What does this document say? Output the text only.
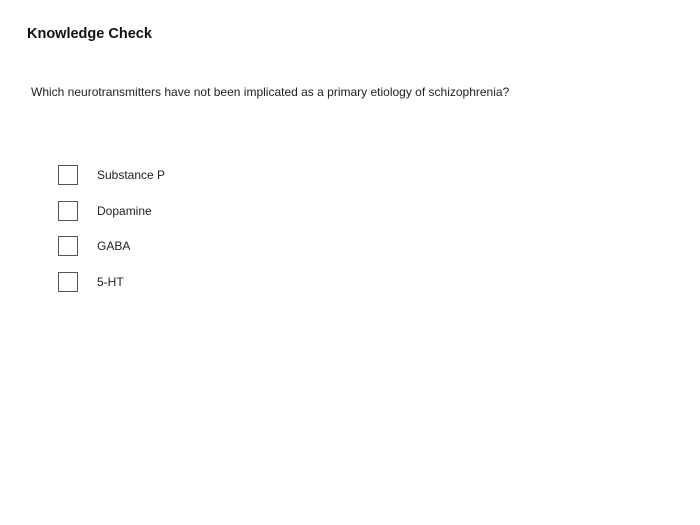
Knowledge Check
Which neurotransmitters have not been implicated as a primary etiology of schizophrenia?
Substance P
Dopamine
GABA
5-HT
